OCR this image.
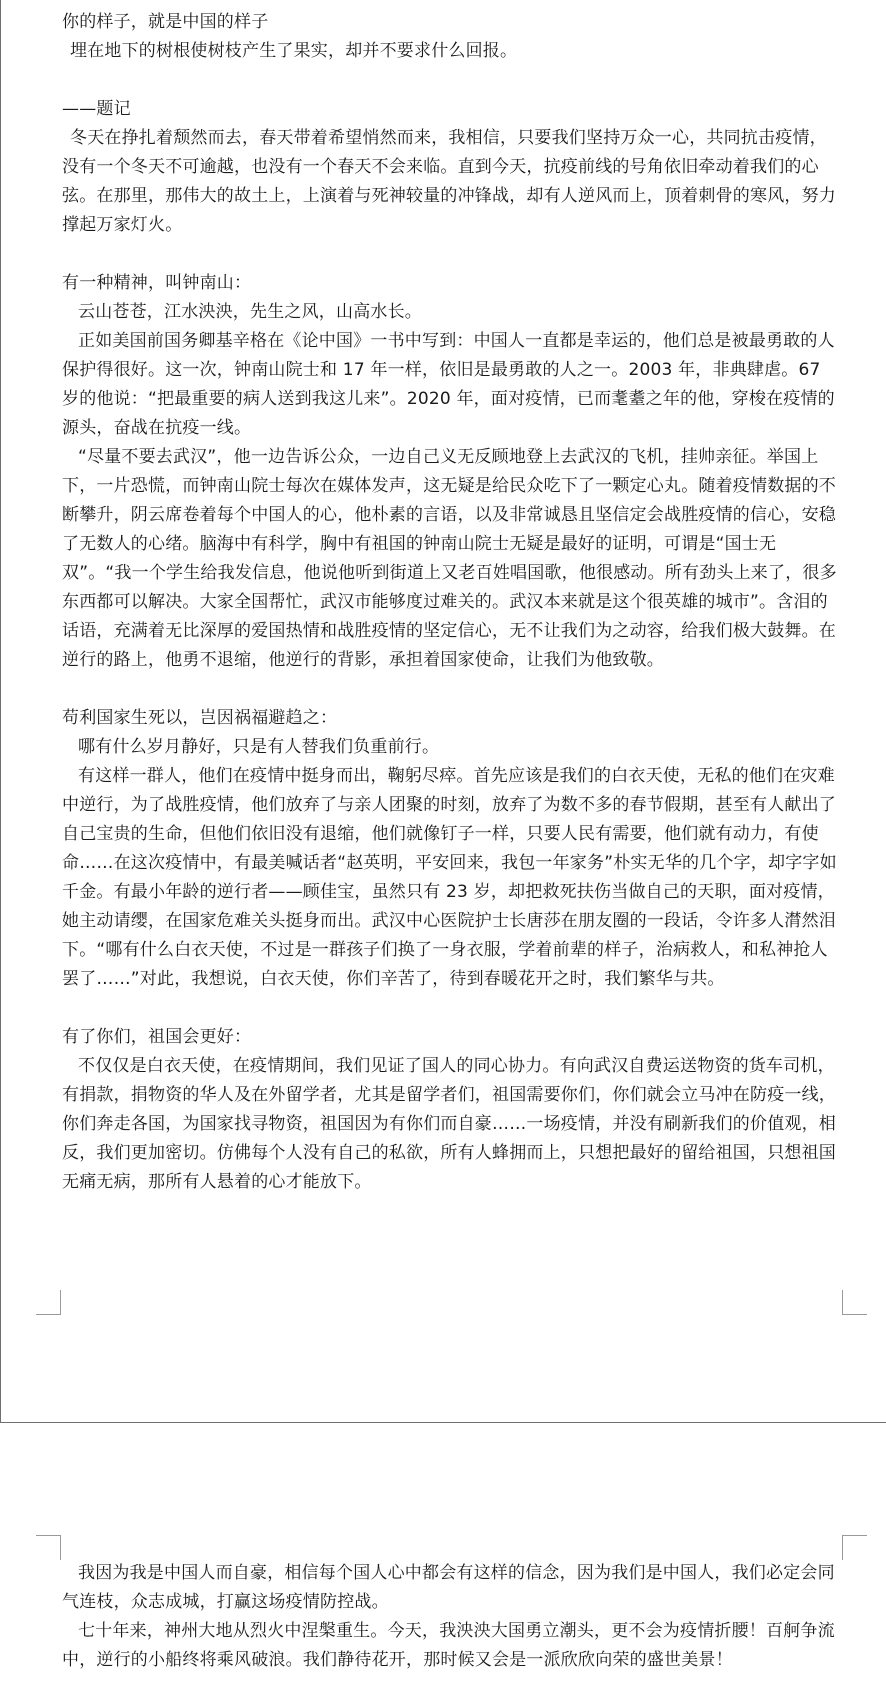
你的样子，就是中国的样子

埋在地下的树根使树枝产生了果实，却并不要求什么回报。

——题记

冬天在挣扎着颓然而去，春天带着希望悄然而来，我相信，只要我们坚持万众一心，共同抗击疫情，没有一个冬天不可逾越，也没有一个春天不会来临。直到今天，抗疫前线的号角依旧牵动着我们的心弦。在那里，那伟大的故土上，上演着与死神较量的冲锋战，却有人逆风而上，顶着刺骨的寒风，努力撑起万家灯火。

有一种精神，叫钟南山：

云山苍苍，江水泱泱，先生之风，山高水长。

正如美国前国务卿基辛格在《论中国》一书中写到：中国人一直都是幸运的，他们总是被最勇敢的人保护得很好。这一次，钟南山院士和 17 年一样，依旧是最勇敢的人之一。2003 年，非典肆虐。67 岁的他说：“把最重要的病人送到我这儿来”。2020 年，面对疫情，已而耄耋之年的他，穿梭在疫情的源头，奋战在抗疫一线。

“尽量不要去武汉”，他一边告诉公众，一边自己义无反顾地登上去武汉的飞机，挂帅亲征。举国上下，一片恐慌，而钟南山院士每次在媒体发声，这无疑是给民众吃下了一颗定心丸。随着疫情数据的不断攀升，阴云席卷着每个中国人的心，他朴素的言语，以及非常诚恳且坚信定会战胜疫情的信心，安稳了无数人的心绪。脑海中有科学，胸中有祖国的钟南山院士无疑是最好的证明，可谓是“国士无双”。“我一个学生给我发信息，他说他听到街道上又老百姓唱国歌，他很感动。所有劲头上来了，很多东西都可以解决。大家全国帮忙，武汉市能够度过难关的。武汉本来就是这个很英雄的城市”。含泪的话语，充满着无比深厚的爱国热情和战胜疫情的坚定信心，无不让我们为之动容，给我们极大鼓舞。在逆行的路上，他勇不退缩，他逆行的背影，承担着国家使命，让我们为他致敬。

苟利国家生死以，岂因祸福避趋之：

哪有什么岁月静好，只是有人替我们负重前行。

有这样一群人，他们在疫情中挺身而出，鞠躬尽瘁。首先应该是我们的白衣天使，无私的他们在灾难中逆行，为了战胜疫情，他们放弃了与亲人团聚的时刻，放弃了为数不多的春节假期，甚至有人献出了自己宝贵的生命，但他们依旧没有退缩，他们就像钉子一样，只要人民有需要，他们就有动力，有使命……在这次疫情中，有最美喊话者“赵英明，平安回来，我包一年家务”朴实无华的几个字，却字字如千金。有最小年龄的逆行者——顾佳宝，虽然只有 23 岁，却把救死扶伤当做自己的天职，面对疫情，她主动请缨，在国家危难关头挺身而出。武汉中心医院护士长唐莎在朋友圈的一段话，令许多人潸然泪下。“哪有什么白衣天使，不过是一群孩子们换了一身衣服，学着前辈的样子，治病救人，和私神抢人罢了……”对此，我想说，白衣天使，你们辛苦了，待到春暖花开之时，我们繁华与共。

有了你们，祖国会更好：

不仅仅是白衣天使，在疫情期间，我们见证了国人的同心协力。有向武汉自费运送物资的货车司机，有捐款，捐物资的华人及在外留学者，尤其是留学者们，祖国需要你们，你们就会立马冲在防疫一线，你们奔走各国，为国家找寻物资，祖国因为有你们而自豪……一场疫情，并没有刷新我们的价值观，相反，我们更加密切。仿佛每个人没有自己的私欲，所有人蜂拥而上，只想把最好的留给祖国，只想祖国无痛无病，那所有人悬着的心才能放下。

我因为我是中国人而自豪，相信每个国人心中都会有这样的信念，因为我们是中国人，我们必定会同气连枝，众志成城，打赢这场疫情防控战。

七十年来，神州大地从烈火中涅槃重生。今天，我泱泱大国勇立潮头，更不会为疫情折腰！百舸争流中，逆行的小船终将乘风破浪。我们静待花开，那时候又会是一派欣欣向荣的盛世美景！
